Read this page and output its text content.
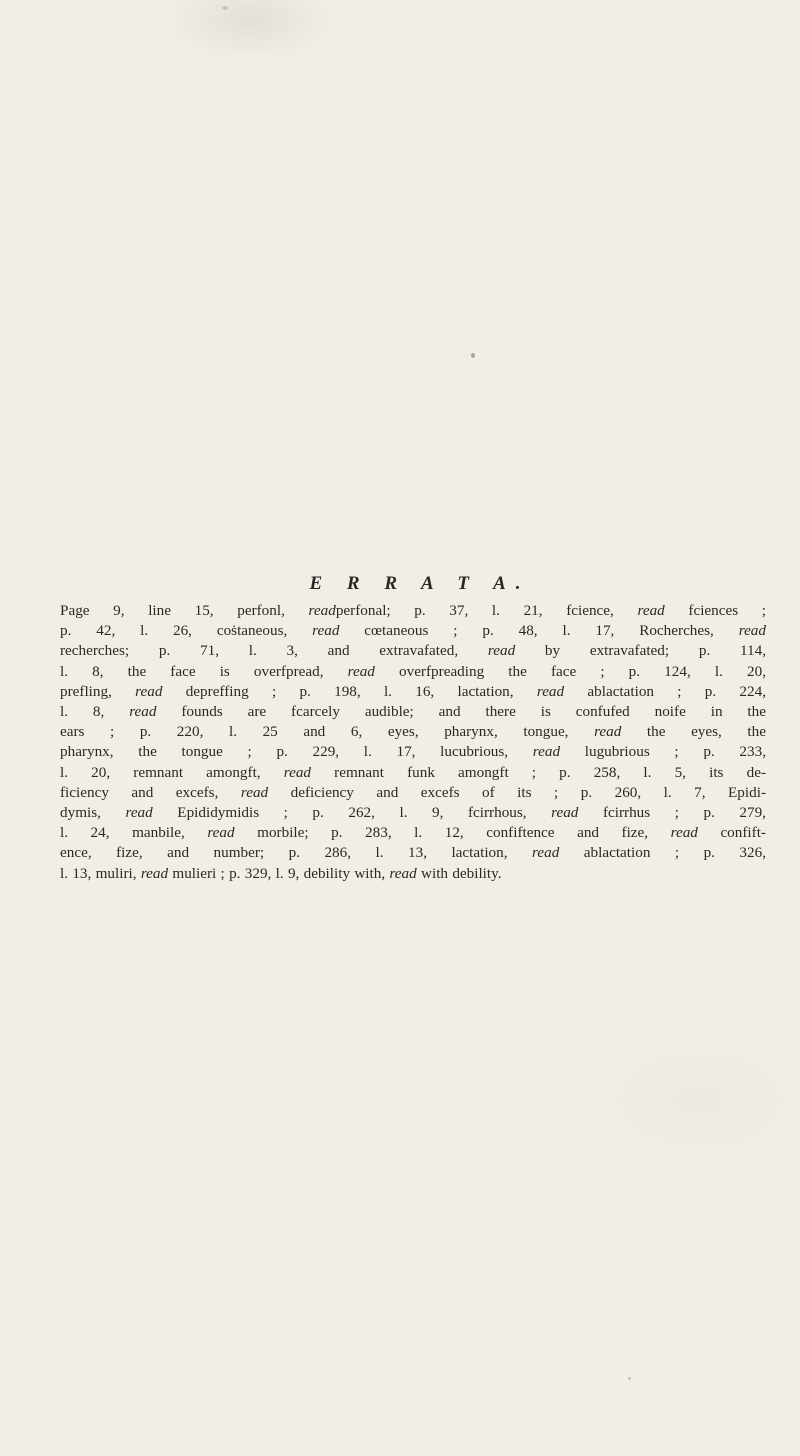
E R R A T A.

Page 9, line 15, perfonl, readperfonal; p. 37, l. 21, fcience, read fciences ;
p. 42, l. 26, coṡtaneous, read cœtaneous ; p. 48, l. 17, Rocherches, read
recherches; p. 71, l. 3, and extravafated, read by extravafated; p. 114,
l. 8, the face is overfpread, read overfpreading the face ; p. 124, l. 20,
prefling, read depreffing ; p. 198, l. 16, lactation, read ablactation ; p. 224,
l. 8, read founds are fcarcely audible; and there is confufed noife in the
ears ; p. 220, l. 25 and 6, eyes, pharynx, tongue, read the eyes, the
pharynx, the tongue ; p. 229, l. 17, lucubrious, read lugubrious ; p. 233,
l. 20, remnant amongft, read remnant funk amongft ; p. 258, l. 5, its de-
ficiency and excefs, read deficiency and excefs of its ; p. 260, l. 7, Epidi-
dymis, read Epididymidis ; p. 262, l. 9, fcirrhous, read fcirrhus ; p. 279,
l. 24, manbile, read morbile; p. 283, l. 12, confiftence and fize, read confift-
ence, fize, and number; p. 286, l. 13, lactation, read ablactation ; p. 326,
l. 13, muliri, read mulieri ; p. 329, l. 9, debility with, read with debility.
